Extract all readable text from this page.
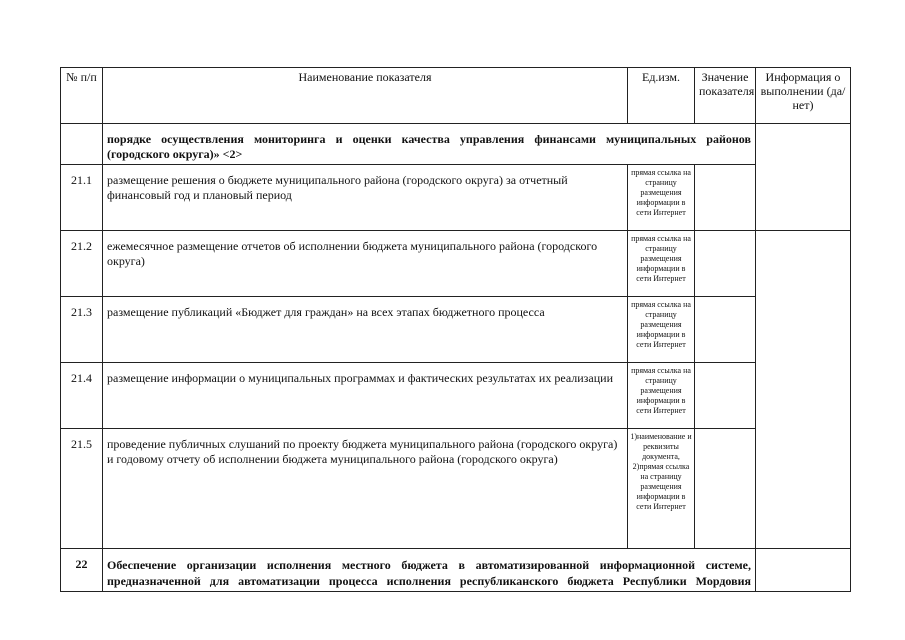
№ п/п	Наименование показателя	Ед.изм.	Значение показателя	Информация о выполнении (да/ нет)
	порядке осуществления мониторинга и оценки качества управления финансами муниципальных районов (городского округа)» <2>			
21.1	размещение решения о бюджете муниципального района (городского округа) за отчетный финансовый год и плановый период	прямая ссылка на страницу размещения информации в сети Интернет		
21.2	ежемесячное размещение отчетов об исполнении бюджета муниципального района (городского округа)	прямая ссылка на страницу размещения информации в сети Интернет		
21.3	размещение публикаций «Бюджет для граждан» на всех этапах бюджетного процесса	прямая ссылка на страницу размещения информации в сети Интернет		
21.4	размещение информации о муниципальных программах и фактических результатах их реализации	прямая ссылка на страницу размещения информации в сети Интернет		
21.5	проведение публичных слушаний по проекту бюджета муниципального района (городского округа) и годовому отчету об исполнении бюджета муниципального района (городского округа)	1)наименование и реквизиты документа, 2)прямая ссылка на страницу размещения информации в сети Интернет		
22	Обеспечение организации исполнения местного бюджета в автоматизированной информационной системе,
предназначенной для автоматизации процесса исполнения республиканского бюджета Республики Мордовия			
